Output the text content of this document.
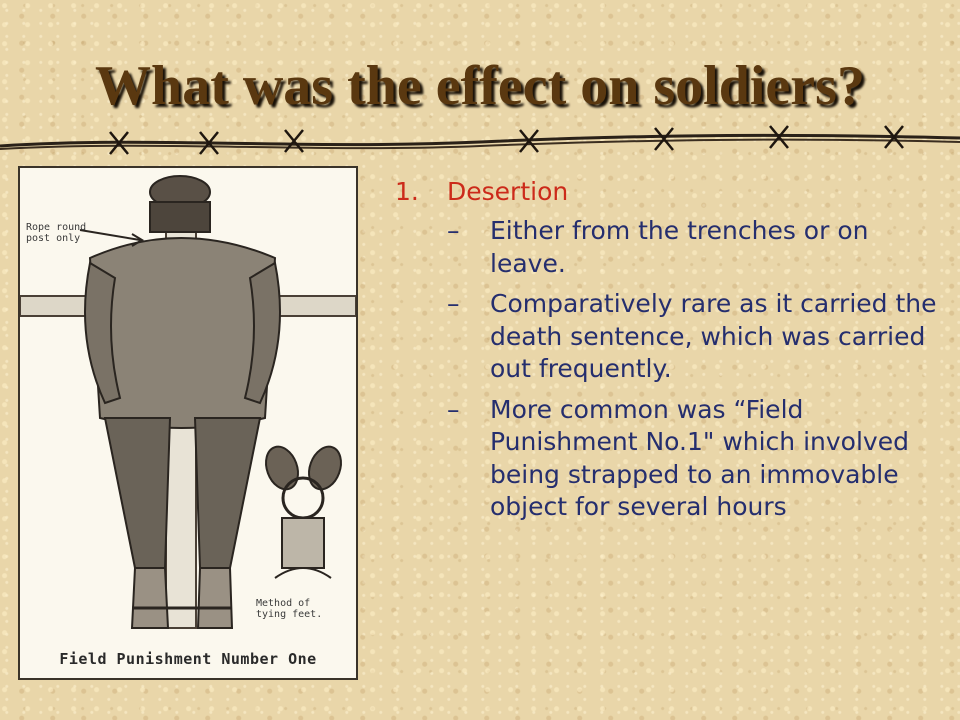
What was the effect on soldiers?
Rope round post only
Method of tying feet.
Field Punishment Number One
1. Desertion
– Either from the trenches or on leave.
– Comparatively rare as it carried the death sentence, which was carried out frequently.
– More common was “Field Punishment No.1" which involved being strapped to an immovable object for several hours
